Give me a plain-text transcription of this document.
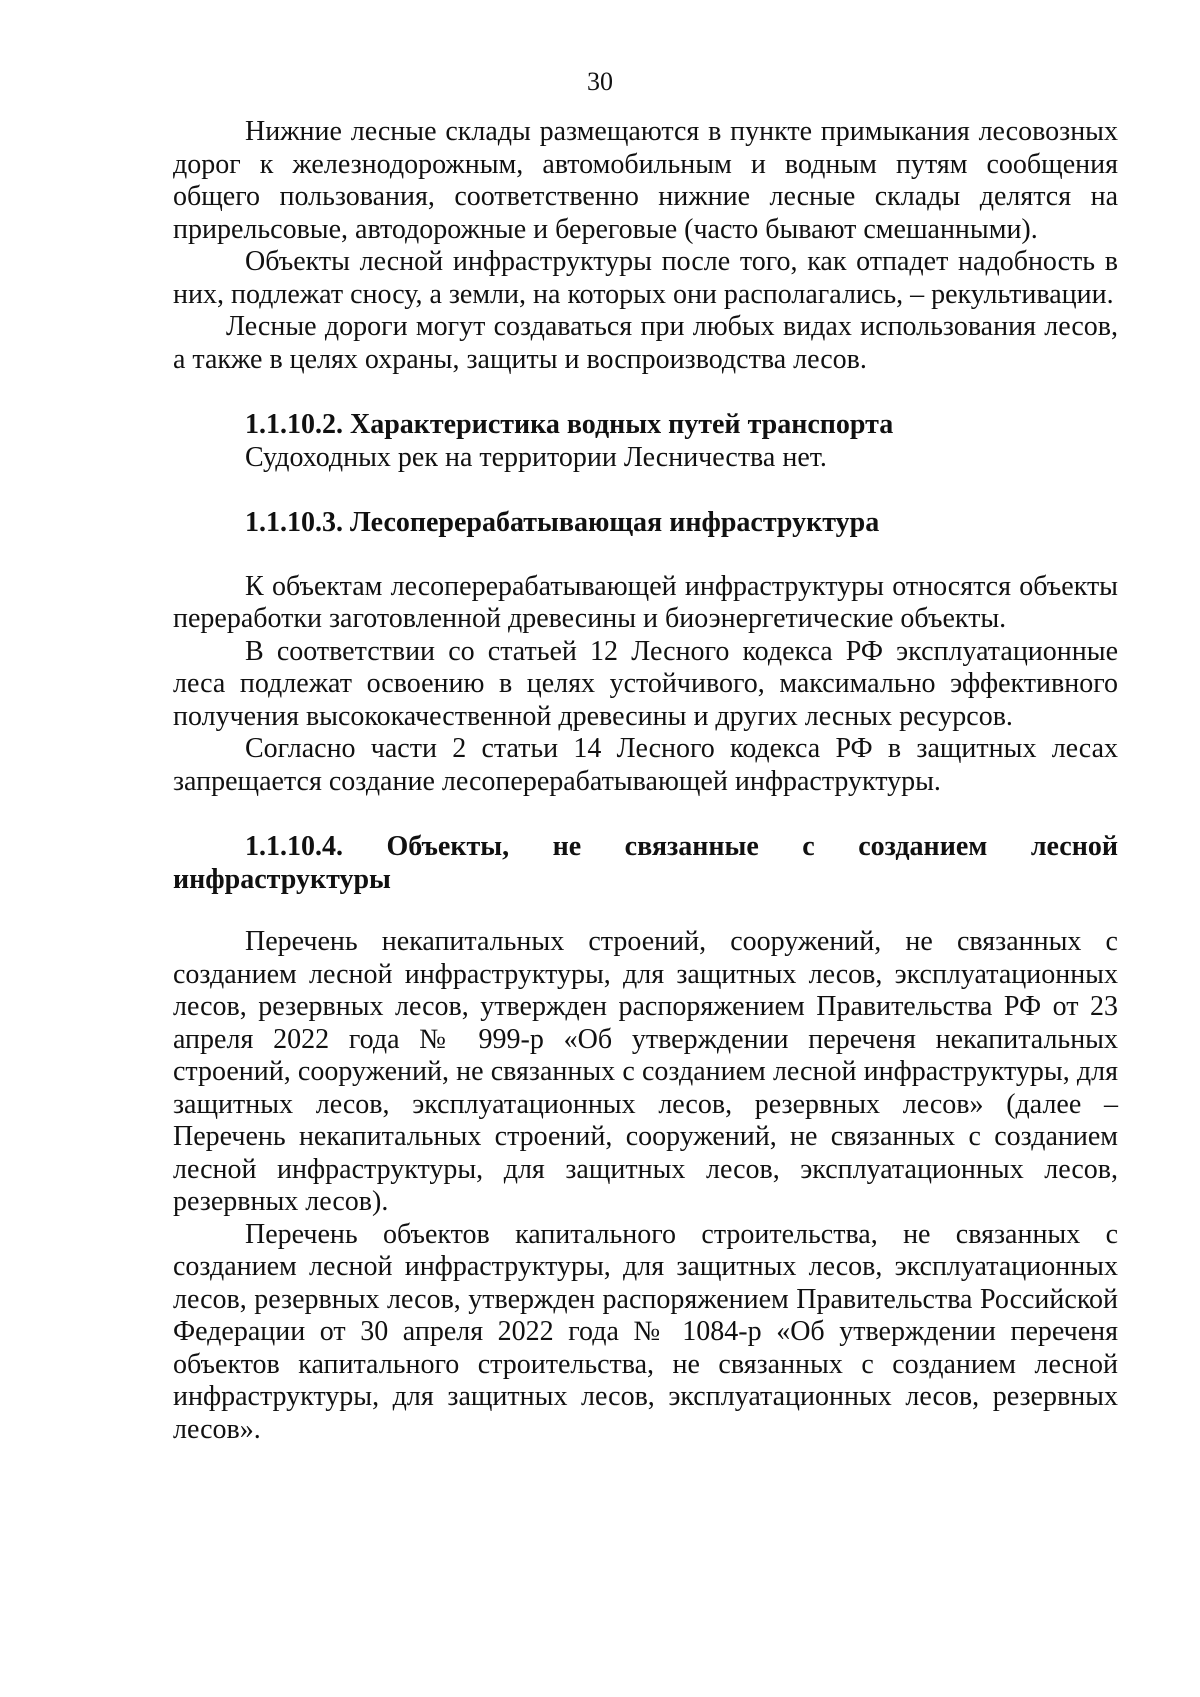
30

Нижние лесные склады размещаются в пункте примыкания лесовозных дорог к железнодорожным, автомобильным и водным путям сообщения общего пользования, соответственно нижние лесные склады делятся на прирельсовые, автодорожные и береговые (часто бывают смешанными).

Объекты лесной инфраструктуры после того, как отпадет надобность в них, подлежат сносу, а земли, на которых они располагались, – рекультивации.

Лесные дороги могут создаваться при любых видах использования лесов, а также в целях охраны, защиты и воспроизводства лесов.

1.1.10.2. Характеристика водных путей транспорта

Судоходных рек на территории Лесничества нет.

1.1.10.3. Лесоперерабатывающая инфраструктура

К объектам лесоперерабатывающей инфраструктуры относятся объекты переработки заготовленной древесины и биоэнергетические объекты.

В соответствии со статьей 12 Лесного кодекса РФ эксплуатационные леса подлежат освоению в целях устойчивого, максимально эффективного получения высококачественной древесины и других лесных ресурсов.

Согласно части 2 статьи 14 Лесного кодекса РФ в защитных лесах запрещается создание лесоперерабатывающей инфраструктуры.

1.1.10.4. Объекты, не связанные с созданием лесной инфраструктуры

Перечень некапитальных строений, сооружений, не связанных с созданием лесной инфраструктуры, для защитных лесов, эксплуатационных лесов, резервных лесов, утвержден распоряжением Правительства РФ от 23 апреля 2022 года № 999-р «Об утверждении переченя некапитальных строений, сооружений, не связанных с созданием лесной инфраструктуры, для защитных лесов, эксплуатационных лесов, резервных лесов» (далее – Перечень некапитальных строений, сооружений, не связанных с созданием лесной инфраструктуры, для защитных лесов, эксплуатационных лесов, резервных лесов).

Перечень объектов капитального строительства, не связанных с созданием лесной инфраструктуры, для защитных лесов, эксплуатационных лесов, резервных лесов, утвержден распоряжением Правительства Российской Федерации от 30 апреля 2022 года № 1084-р «Об утверждении переченя объектов капитального строительства, не связанных с созданием лесной инфраструктуры, для защитных лесов, эксплуатационных лесов, резервных лесов».
